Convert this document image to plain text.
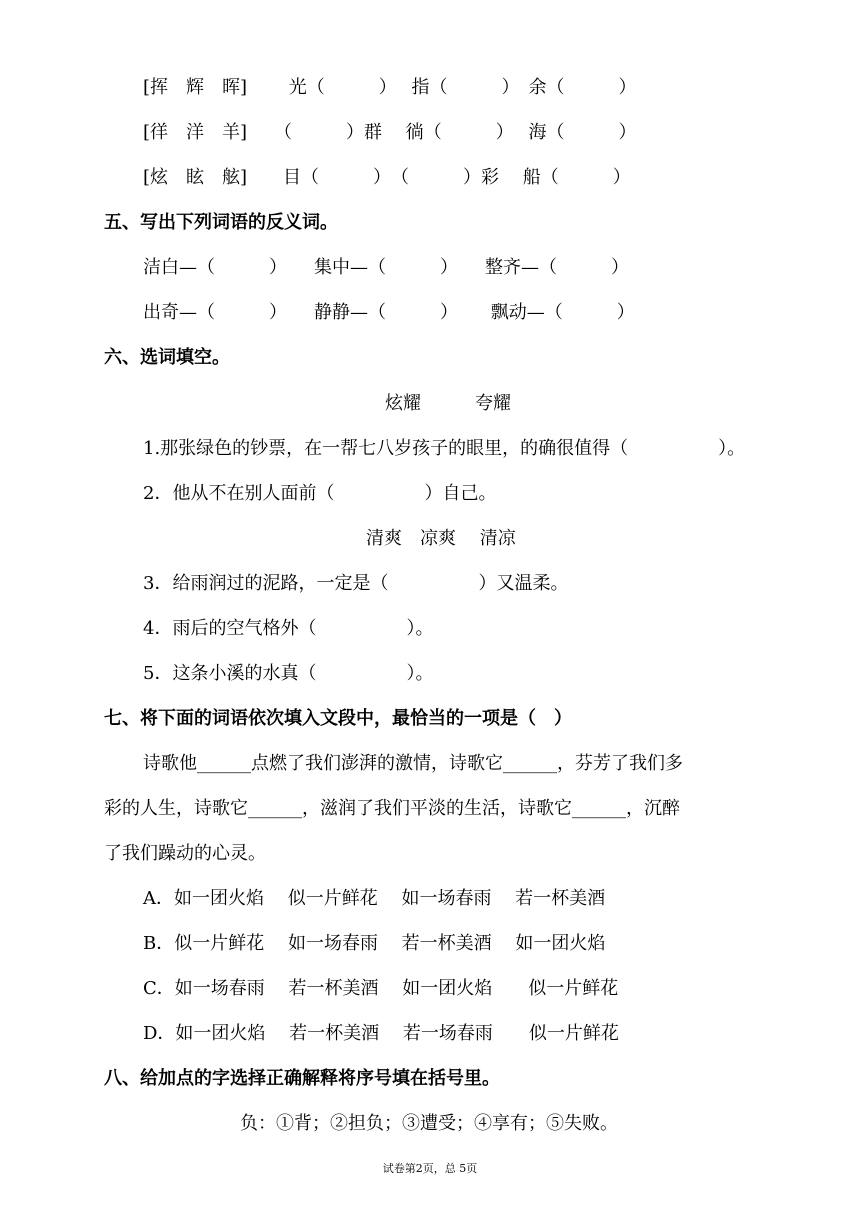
[挥　辉　晖]　　 光（　　　）　 指（　　　）　余（　　　）
[徉　洋　羊]　　（　　　）群　 徜（　　　）　 海（　　　）
[炫　眩　舷]　　目（　　　）　（　　　）彩　 船（　　　）
五、写出下列词语的反义词。
洁白—（　　　）　　集中—（　　　）　　整齐—（　　　）
出奇—（　　　）　　静静—（　　　）　　 飘动—（　　　）
六、选词填空。
炫耀　　　夸耀
1.那张绿色的钞票，在一帮七八岁孩子的眼里，的确很值得（　　　　　）。
2．他从不在别人面前（　　　　　）自己。
清爽　凉爽　 清凉
3．给雨润过的泥路，一定是（　　　　　）又温柔。
4．雨后的空气格外（　　　　　）。
5．这条小溪的水真（　　　　　）。
七、将下面的词语依次填入文段中，最恰当的一项是（　）
诗歌他______点燃了我们澎湃的激情，诗歌它______，芬芳了我们多
彩的人生，诗歌它______，滋润了我们平淡的生活，诗歌它______，沉醉
了我们躁动的心灵。
A．如一团火焰　 似一片鲜花　 如一场春雨　 若一杯美酒
B．似一片鲜花　 如一场春雨　 若一杯美酒　 如一团火焰
C．如一场春雨　 若一杯美酒　 如一团火焰　　似一片鲜花
D．如一团火焰　 若一杯美酒　 若一场春雨　　似一片鲜花
八、给加点的字选择正确解释将序号填在括号里。
负：①背；②担负；③遭受；④享有；⑤失败。
试卷第2页，总 5页
